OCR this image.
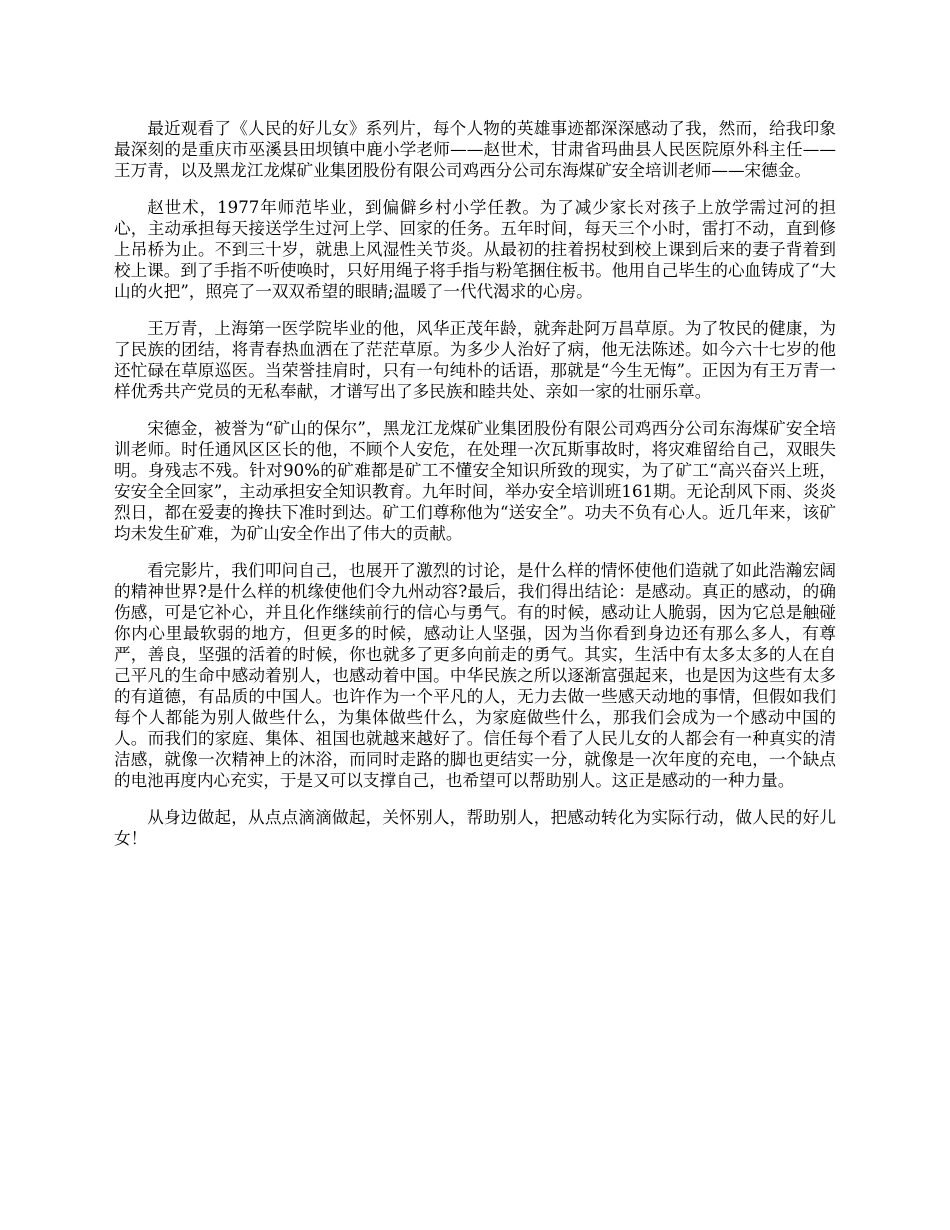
最近观看了《人民的好儿女》系列片，每个人物的英雄事迹都深深感动了我，然而，给我印象最深刻的是重庆市巫溪县田坝镇中鹿小学老师——赵世术，甘肃省玛曲县人民医院原外科主任——王万青，以及黑龙江龙煤矿业集团股份有限公司鸡西分公司东海煤矿安全培训老师——宋德金。

赵世术，1977年师范毕业，到偏僻乡村小学任教。为了减少家长对孩子上放学需过河的担心，主动承担每天接送学生过河上学、回家的任务。五年时间，每天三个小时，雷打不动，直到修上吊桥为止。不到三十岁，就患上风湿性关节炎。从最初的拄着拐杖到校上课到后来的妻子背着到校上课。到了手指不听使唤时，只好用绳子将手指与粉笔捆住板书。他用自己毕生的心血铸成了“大山的火把”，照亮了一双双希望的眼睛;温暖了一代代渴求的心房。

王万青，上海第一医学院毕业的他，风华正茂年龄，就奔赴阿万昌草原。为了牧民的健康，为了民族的团结，将青春热血洒在了茫茫草原。为多少人治好了病，他无法陈述。如今六十七岁的他还忙碌在草原巡医。当荣誉挂肩时，只有一句纯朴的话语，那就是“今生无悔”。正因为有王万青一样优秀共产党员的无私奉献，才谱写出了多民族和睦共处、亲如一家的壮丽乐章。

宋德金，被誉为“矿山的保尔”，黑龙江龙煤矿业集团股份有限公司鸡西分公司东海煤矿安全培训老师。时任通风区区长的他，不顾个人安危，在处理一次瓦斯事故时，将灾难留给自己，双眼失明。身残志不残。针对90%的矿难都是矿工不懂安全知识所致的现实，为了矿工“高兴奋兴上班，安安全全回家”，主动承担安全知识教育。九年时间，举办安全培训班161期。无论刮风下雨、炎炎烈日，都在爱妻的搀扶下准时到达。矿工们尊称他为“送安全”。功夫不负有心人。近几年来，该矿均未发生矿难，为矿山安全作出了伟大的贡献。

看完影片，我们叩问自己，也展开了激烈的讨论，是什么样的情怀使他们造就了如此浩瀚宏阔的精神世界?是什么样的机缘使他们令九州动容?最后，我们得出结论：是感动。真正的感动，的确伤感，可是它补心，并且化作继续前行的信心与勇气。有的时候，感动让人脆弱，因为它总是触碰你内心里最软弱的地方，但更多的时候，感动让人坚强，因为当你看到身边还有那么多人，有尊严，善良，坚强的活着的时候，你也就多了更多向前走的勇气。其实，生活中有太多太多的人在自己平凡的生命中感动着别人，也感动着中国。中华民族之所以逐渐富强起来，也是因为这些有太多的有道德，有品质的中国人。也许作为一个平凡的人，无力去做一些感天动地的事情，但假如我们每个人都能为别人做些什么，为集体做些什么，为家庭做些什么，那我们会成为一个感动中国的人。而我们的家庭、集体、祖国也就越来越好了。信任每个看了人民儿女的人都会有一种真实的清洁感，就像一次精神上的沐浴，而同时走路的脚也更结实一分，就像是一次年度的充电，一个缺点的电池再度内心充实，于是又可以支撑自己，也希望可以帮助别人。这正是感动的一种力量。

从身边做起，从点点滴滴做起，关怀别人，帮助别人，把感动转化为实际行动，做人民的好儿女！
